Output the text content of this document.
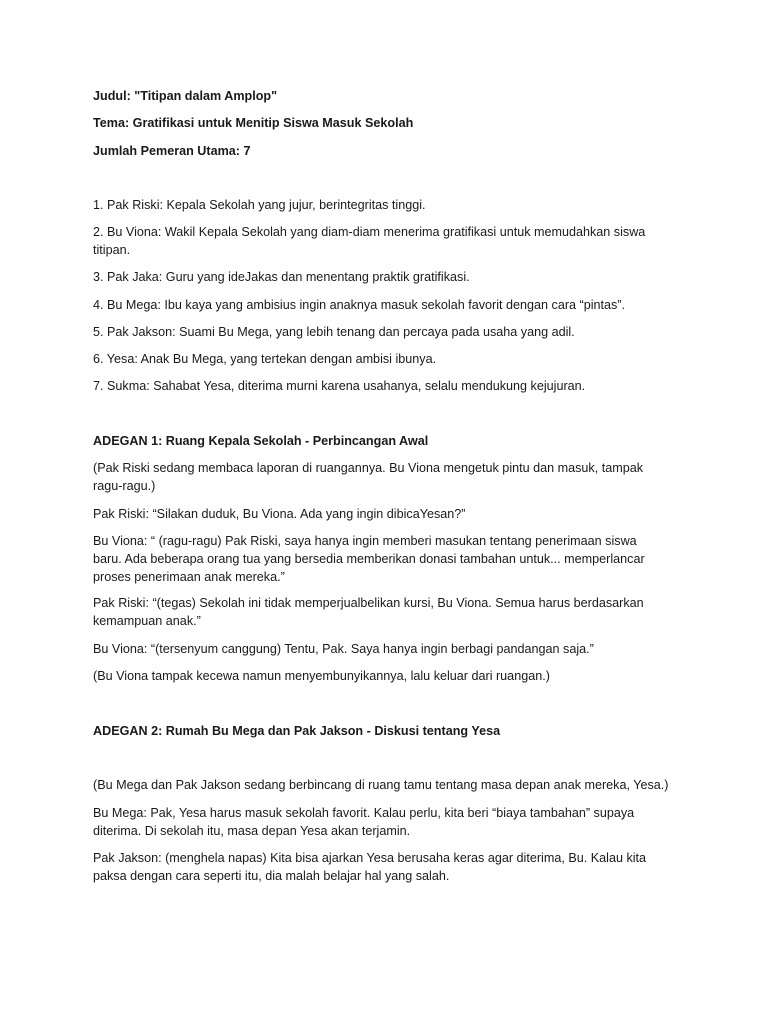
Judul: "Titipan dalam Amplop"

Tema: Gratifikasi untuk Menitip Siswa Masuk Sekolah

Jumlah Pemeran Utama: 7

1. Pak Riski: Kepala Sekolah yang jujur, berintegritas tinggi.

2. Bu Viona: Wakil Kepala Sekolah yang diam-diam menerima gratifikasi untuk memudahkan siswa

titipan.

3. Pak Jaka: Guru yang ideJakas dan menentang praktik gratifikasi.

4. Bu Mega: Ibu kaya yang ambisius ingin anaknya masuk sekolah favorit dengan cara “pintas”.

5. Pak Jakson: Suami Bu Mega, yang lebih tenang dan percaya pada usaha yang adil.

6. Yesa: Anak Bu Mega, yang tertekan dengan ambisi ibunya.

7. Sukma: Sahabat Yesa, diterima murni karena usahanya, selalu mendukung kejujuran.

ADEGAN 1: Ruang Kepala Sekolah - Perbincangan Awal

(Pak Riski sedang membaca laporan di ruangannya. Bu Viona mengetuk pintu dan masuk, tampak

ragu-ragu.)

Pak Riski: “Silakan duduk, Bu Viona. Ada yang ingin dibicaYesan?”

Bu Viona: “ (ragu-ragu) Pak Riski, saya hanya ingin memberi masukan tentang penerimaan siswa

baru. Ada beberapa orang tua yang bersedia memberikan donasi tambahan untuk... memperlancar

proses penerimaan anak mereka.”

Pak Riski: “(tegas) Sekolah ini tidak memperjualbelikan kursi, Bu Viona. Semua harus berdasarkan

kemampuan anak.”

Bu Viona: “(tersenyum canggung) Tentu, Pak. Saya hanya ingin berbagi pandangan saja.”

(Bu Viona tampak kecewa namun menyembunyikannya, lalu keluar dari ruangan.)

ADEGAN 2: Rumah Bu Mega dan Pak Jakson - Diskusi tentang Yesa

(Bu Mega dan Pak Jakson sedang berbincang di ruang tamu tentang masa depan anak mereka, Yesa.)

Bu Mega: Pak, Yesa harus masuk sekolah favorit. Kalau perlu, kita beri “biaya tambahan” supaya

diterima. Di sekolah itu, masa depan Yesa akan terjamin.

Pak Jakson: (menghela napas) Kita bisa ajarkan Yesa berusaha keras agar diterima, Bu. Kalau kita

paksa dengan cara seperti itu, dia malah belajar hal yang salah.
